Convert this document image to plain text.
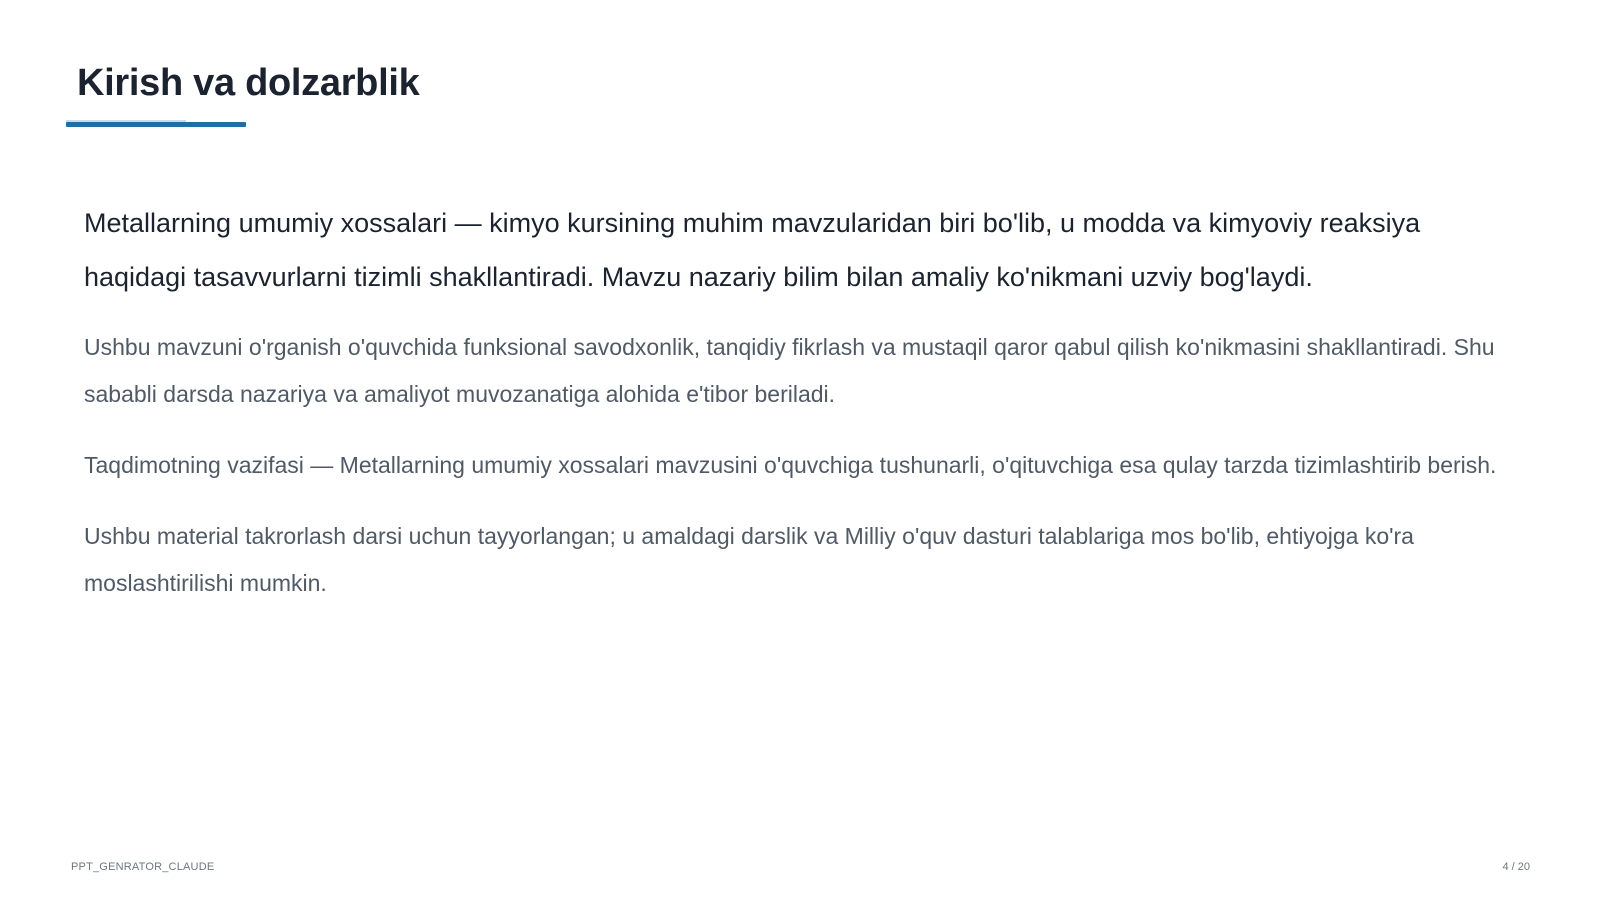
Kirish va dolzarblik

Metallarning umumiy xossalari — kimyo kursining muhim mavzularidan biri bo'lib, u modda va kimyoviy reaksiya haqidagi tasavvurlarni tizimli shakllantiradi. Mavzu nazariy bilim bilan amaliy ko'nikmani uzviy bog'laydi.

Ushbu mavzuni o'rganish o'quvchida funksional savodxonlik, tanqidiy fikrlash va mustaqil qaror qabul qilish ko'nikmasini shakllantiradi. Shu sababli darsda nazariya va amaliyot muvozanatiga alohida e'tibor beriladi.

Taqdimotning vazifasi — Metallarning umumiy xossalari mavzusini o'quvchiga tushunarli, o'qituvchiga esa qulay tarzda tizimlashtirib berish.

Ushbu material takrorlash darsi uchun tayyorlangan; u amaldagi darslik va Milliy o'quv dasturi talablariga mos bo'lib, ehtiyojga ko'ra moslashtirilishi mumkin.

PPT_GENRATOR_CLAUDE	4 / 20
